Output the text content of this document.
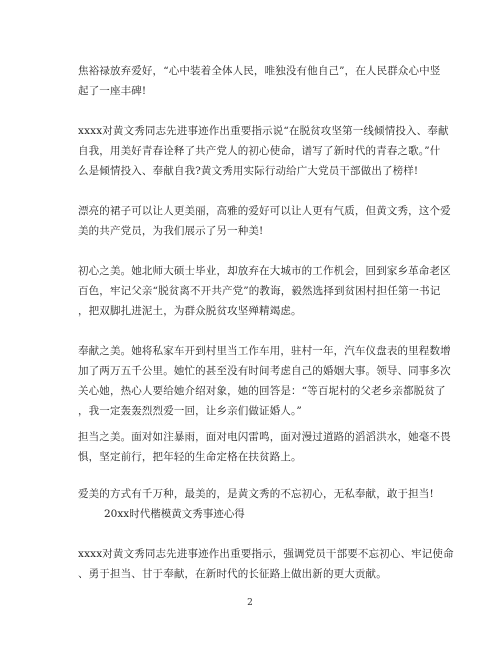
焦裕禄放弃爱好，“心中装着全体人民，唯独没有他自己”，在人民群众心中竖
起了一座丰碑!

xxxx对黄文秀同志先进事迹作出重要指示说“在脱贫攻坚第一线倾情投入、奉献
自我，用美好青春诠释了共产党人的初心使命，谱写了新时代的青春之歌。”什
么是倾情投入、奉献自我?黄文秀用实际行动给广大党员干部做出了榜样!

漂亮的裙子可以让人更美丽，高雅的爱好可以让人更有气质，但黄文秀，这个爱
美的共产党员，为我们展示了另一种美!

初心之美。她北师大硕士毕业，却放弃在大城市的工作机会，回到家乡革命老区
百色，牢记父亲“脱贫离不开共产党”的教诲，毅然选择到贫困村担任第一书记
，把双脚扎进泥土，为群众脱贫攻坚殚精竭虑。

奉献之美。她将私家车开到村里当工作车用，驻村一年，汽车仪盘表的里程数增
加了两万五千公里。她忙的甚至没有时间考虑自己的婚姻大事。领导、同事多次
关心她，热心人要给她介绍对象，她的回答是：“等百坭村的父老乡亲都脱贫了
，我一定轰轰烈烈爱一回，让乡亲们做证婚人。”

担当之美。面对如注暴雨，面对电闪雷鸣，面对漫过道路的滔滔洪水，她毫不畏
惧，坚定前行，把年轻的生命定格在扶贫路上。

爱美的方式有千万种，最美的，是黄文秀的不忘初心，无私奉献，敢于担当!

20xx时代楷模黄文秀事迹心得

xxxx对黄文秀同志先进事迹作出重要指示，强调党员干部要不忘初心、牢记使命
、勇于担当、甘于奉献，在新时代的长征路上做出新的更大贡献。

2
